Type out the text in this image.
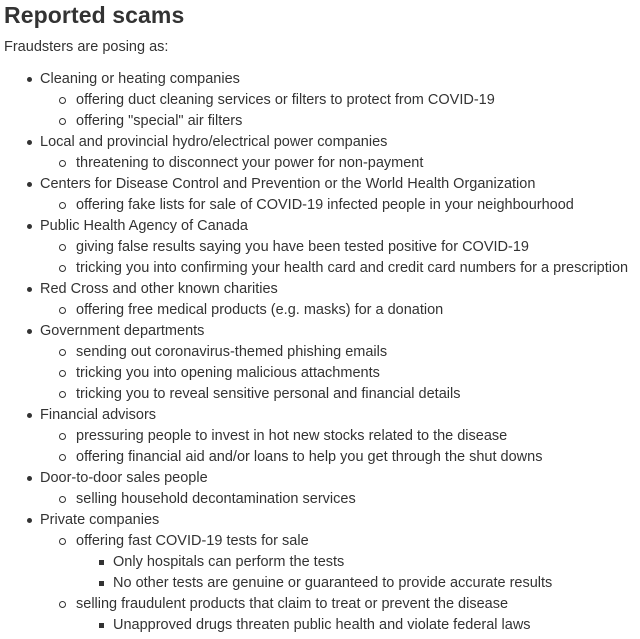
Reported scams

Fraudsters are posing as:

Cleaning or heating companies
offering duct cleaning services or filters to protect from COVID-19
offering "special" air filters
Local and provincial hydro/electrical power companies
threatening to disconnect your power for non-payment
Centers for Disease Control and Prevention or the World Health Organization
offering fake lists for sale of COVID-19 infected people in your neighbourhood
Public Health Agency of Canada
giving false results saying you have been tested positive for COVID-19
tricking you into confirming your health card and credit card numbers for a prescription
Red Cross and other known charities
offering free medical products (e.g. masks) for a donation
Government departments
sending out coronavirus-themed phishing emails
tricking you into opening malicious attachments
tricking you to reveal sensitive personal and financial details
Financial advisors
pressuring people to invest in hot new stocks related to the disease
offering financial aid and/or loans to help you get through the shut downs
Door-to-door sales people
selling household decontamination services
Private companies
offering fast COVID-19 tests for sale
Only hospitals can perform the tests
No other tests are genuine or guaranteed to provide accurate results
selling fraudulent products that claim to treat or prevent the disease
Unapproved drugs threaten public health and violate federal laws
